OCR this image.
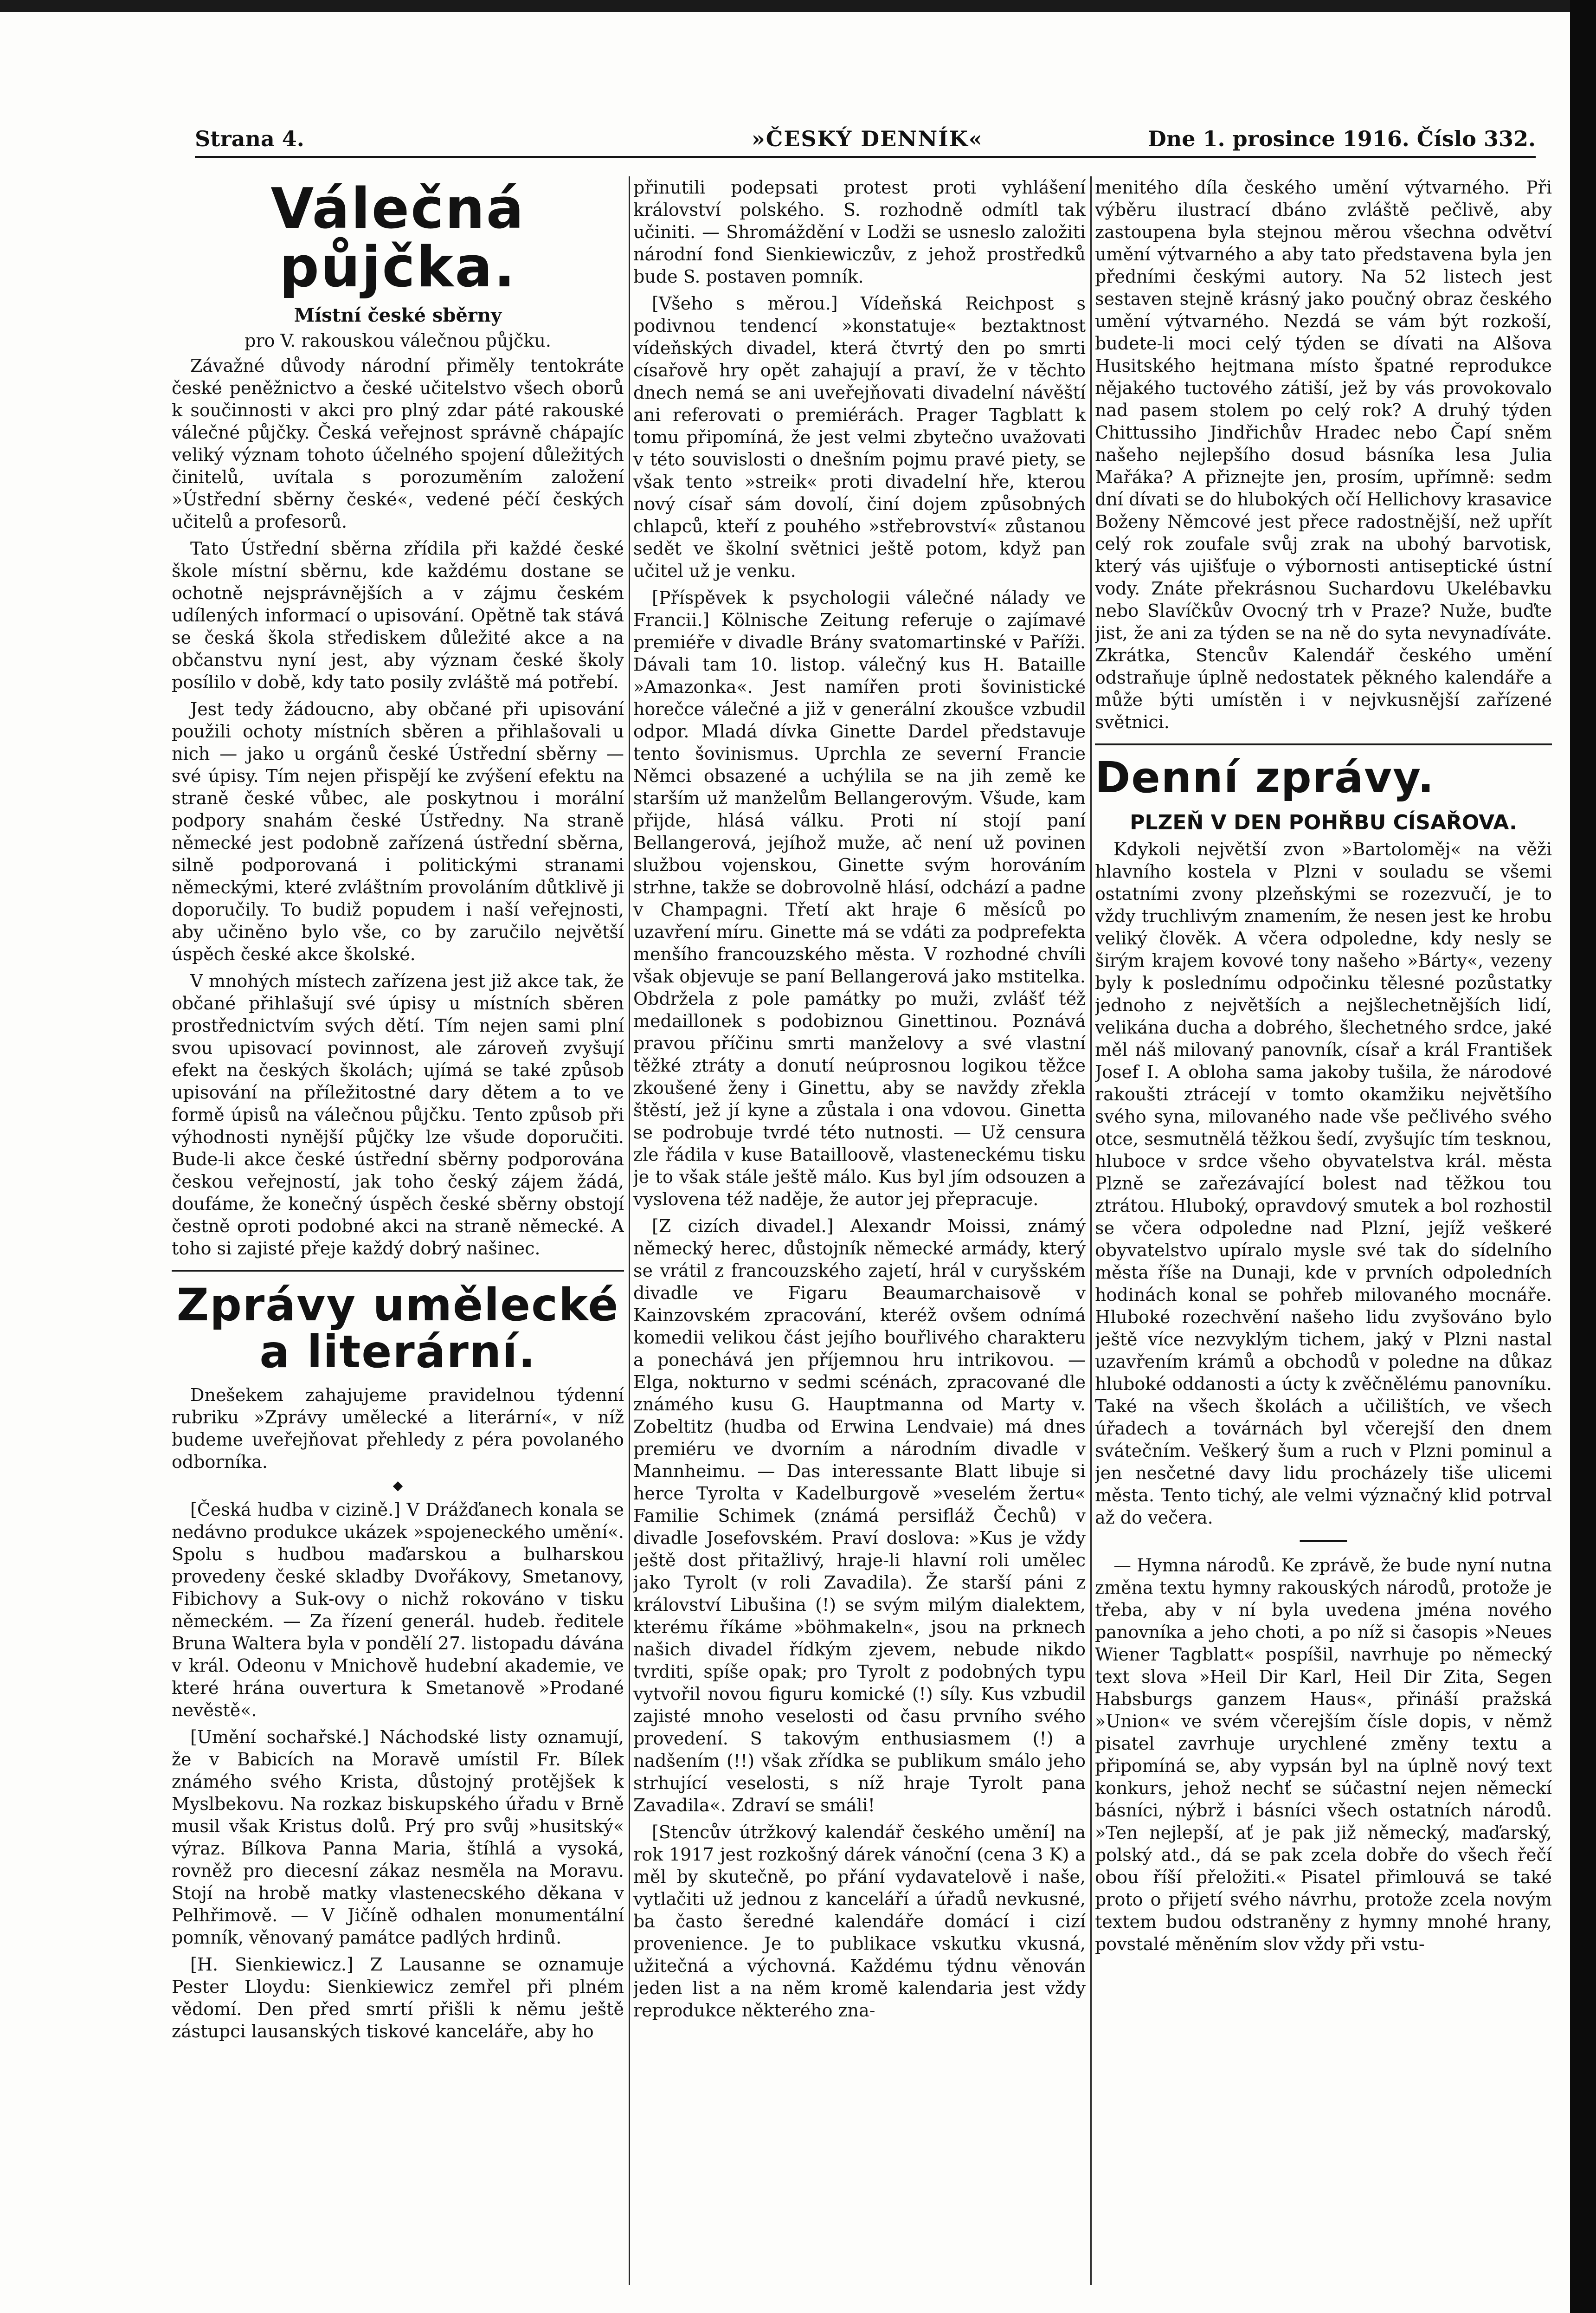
Strana 4.	»ČESKÝ DENNÍK«	Dne 1. prosince 1916. Číslo 332.
Válečná půjčka.
Místní české sběrny
pro V. rakouskou válečnou půjčku.

Závažné důvody národní přiměly tentokráte české peněžnictvo a české učitelstvo všech oborů k součinnosti v akci pro plný zdar páté rakouské válečné půjčky. Česká veřejnost správně chápajíc veliký význam tohoto účelného spojení důležitých činitelů, uvítala s porozuměním založení »Ústřední sběrny české«, vedené péčí českých učitelů a profesorů.

Tato Ústřední sběrna zřídila při každé české škole místní sběrnu, kde každému dostane se ochotně nejsprávnějších a v zájmu českém udílených informací o upisování. Opětně tak stává se česká škola střediskem důležité akce a na občanstvu nyní jest, aby význam české školy posílilo v době, kdy tato posily zvláště má potřebí.

Jest tedy žádoucno, aby občané při upisování použili ochoty místních sběren a přihlašovali u nich — jako u orgánů české Ústřední sběrny — své úpisy. Tím nejen přispějí ke zvýšení efektu na straně české vůbec, ale poskytnou i morální podpory snahám české Ústředny. Na straně německé jest podobně zařízená ústřední sběrna, silně podporovaná i politickými stranami německými, které zvláštním provoláním důtklivě ji doporučily. To budiž popudem i naší veřejnosti, aby učiněno bylo vše, co by zaručilo největší úspěch české akce školské.

V mnohých místech zařízena jest již akce tak, že občané přihlašují své úpisy u místních sběren prostřednictvím svých dětí. Tím nejen sami plní svou upisovací povinnost, ale zároveň zvyšují efekt na českých školách; ujímá se také způsob upisování na příležitostné dary dětem a to ve formě úpisů na válečnou půjčku. Tento způsob při výhodnosti nynější půjčky lze všude doporučiti. Bude-li akce české ústřední sběrny podporována českou veřejností, jak toho český zájem žádá, doufáme, že konečný úspěch české sběrny obstojí čestně oproti podobné akci na straně německé. A toho si zajisté přeje každý dobrý našinec.

Zprávy umělecké
a literární.

Dnešekem zahajujeme pravidelnou týdenní rubriku »Zprávy umělecké a literární«, v níž budeme uveřejňovat přehledy z péra povolaného odborníka.

◆

[Česká hudba v cizině.] V Drážďanech konala se nedávno produkce ukázek »spojeneckého umění«. Spolu s hudbou maďarskou a bulharskou provedeny české skladby Dvořákovy, Smetanovy, Fibichovy a Suk-ovy o nichž rokováno v tisku německém. — Za řízení generál. hudeb. ředitele Bruna Waltera byla v pondělí 27. listopadu dávána v král. Odeonu v Mnichově hudební akademie, ve které hrána ouvertura k Smetanově »Prodané nevěstě«.

[Umění sochařské.] Náchodské listy oznamují, že v Babicích na Moravě umístil Fr. Bílek známého svého Krista, důstojný protějšek k Myslbekovu. Na rozkaz biskupského úřadu v Brně musil však Kristus dolů. Prý pro svůj »husitský« výraz. Bílkova Panna Maria, štíhlá a vysoká, rovněž pro diecesní zákaz nesměla na Moravu. Stojí na hrobě matky vlastenecského děkana v Pelhřimově. — V Jičíně odhalen monumentální pomník, věnovaný památce padlých hrdinů.

[H. Sienkiewicz.] Z Lausanne se oznamuje Pester Lloydu: Sienkiewicz zemřel při plném vědomí. Den před smrtí přišli k němu ještě zástupci lausanských tiskové kanceláře, aby ho

přinutili podepsati protest proti vyhlášení království polského. S. rozhodně odmítl tak učiniti. — Shromáždění v Lodži se usneslo založiti národní fond Sienkiewiczův, z jehož prostředků bude S. postaven pomník.

[Všeho s měrou.] Vídeňská Reichpost s podivnou tendencí »konstatuje« beztaktnost vídeňských divadel, která čtvrtý den po smrti císařově hry opět zahajují a praví, že v těchto dnech nemá se ani uveřejňovati divadelní návěští ani referovati o premiérách. Prager Tagblatt k tomu připomíná, že jest velmi zbytečno uvažovati v této souvislosti o dnešním pojmu pravé piety, se však tento »streik« proti divadelní hře, kterou nový císař sám dovolí, činí dojem způsobných chlapců, kteří z pouhého »střebrovství« zůstanou sedět ve školní světnici ještě potom, když pan učitel už je venku.

[Příspěvek k psychologii válečné nálady ve Francii.] Kölnische Zeitung referuje o zajímavé premiéře v divadle Brány svatomartinské v Paříži. Dávali tam 10. listop. válečný kus H. Bataille »Amazonka«. Jest namířen proti šovinistické horečce válečné a již v generální zkoušce vzbudil odpor. Mladá dívka Ginette Dardel představuje tento šovinismus. Uprchla ze severní Francie Němci obsazené a uchýlila se na jih země ke starším už manželům Bellangerovým. Všude, kam přijde, hlásá válku. Proti ní stojí paní Bellangerová, jejíhož muže, ač není už povinen službou vojenskou, Ginette svým horováním strhne, takže se dobrovolně hlásí, odchází a padne v Champagni. Třetí akt hraje 6 měsíců po uzavření míru. Ginette má se vdáti za podprefekta menšího francouzského města. V rozhodné chvíli však objevuje se paní Bellangerová jako mstitelka. Obdržela z pole památky po muži, zvlášť též medaillonek s podobiznou Ginettinou. Poznává pravou příčinu smrti manželovy a své vlastní těžké ztráty a donutí neúprosnou logikou těžce zkoušené ženy i Ginettu, aby se navždy zřekla štěstí, jež jí kyne a zůstala i ona vdovou. Ginetta se podrobuje tvrdé této nutnosti. — Už censura zle řádila v kuse Batailloově, vlasteneckému tisku je to však stále ještě málo. Kus byl jím odsouzen a vyslovena též naděje, že autor jej přepracuje.

[Z cizích divadel.] Alexandr Moissi, známý německý herec, důstojník německé armády, který se vrátil z francouzského zajetí, hrál v curyšském divadle ve Figaru Beaumarchaisově v Kainzovském zpracování, kteréž ovšem odnímá komedii velikou část jejího bouřlivého charakteru a ponechává jen příjemnou hru intrikovou. — Elga, nokturno v sedmi scénách, zpracované dle známého kusu G. Hauptmanna od Marty v. Zobeltitz (hudba od Erwina Lendvaie) má dnes premiéru ve dvorním a národním divadle v Mannheimu. — Das interessante Blatt libuje si herce Tyrolta v Kadelburgově »veselém žertu« Familie Schimek (známá persifláž Čechů) v divadle Josefovském. Praví doslova: »Kus je vždy ještě dost přitažlivý, hraje-li hlavní roli umělec jako Tyrolt (v roli Zavadila). Že starší páni z království Libušina (!) se svým milým dialektem, kterému říkáme »böhmakeln«, jsou na prknech našich divadel řídkým zjevem, nebude nikdo tvrditi, spíše opak; pro Tyrolt z podobných typu vytvořil novou figuru komické (!) síly. Kus vzbudil zajisté mnoho veselosti od času prvního svého provedení. S takovým enthusiasmem (!) a nadšením (!!) však zřídka se publikum smálo jeho strhující veselosti, s níž hraje Tyrolt pana Zavadila«. Zdraví se smáli!

[Stencův útržkový kalendář českého umění] na rok 1917 jest rozkošný dárek vánoční (cena 3 K) a měl by skutečně, po přání vydavatelově i naše, vytlačiti už jednou z kanceláří a úřadů nevkusné, ba často šeredné kalendáře domácí i cizí provenience. Je to publikace vskutku vkusná, užitečná a výchovná. Každému týdnu věnován jeden list a na něm kromě kalendaria jest vždy reprodukce některého zna-

menitého díla českého umění výtvarného. Při výběru ilustrací dbáno zvláště pečlivě, aby zastoupena byla stejnou měrou všechna odvětví umění výtvarného a aby tato představena byla jen předními českými autory. Na 52 listech jest sestaven stejně krásný jako poučný obraz českého umění výtvarného. Nezdá se vám být rozkoší, budete-li moci celý týden se dívati na Alšova Husitského hejtmana místo špatné reprodukce nějakého tuctového zátiší, jež by vás provokovalo nad pasem stolem po celý rok? A druhý týden Chittussiho Jindřichův Hradec nebo Čapí sněm našeho nejlepšího dosud básníka lesa Julia Mařáka? A přiznejte jen, prosím, upřímně: sedm dní dívati se do hlubokých očí Hellichovy krasavice Boženy Němcové jest přece radostnější, než upřít celý rok zoufale svůj zrak na ubohý barvotisk, který vás ujišťuje o výbornosti antiseptické ústní vody. Znáte překrásnou Suchardovu Ukelébavku nebo Slavíčkův Ovocný trh v Praze? Nuže, buďte jist, že ani za týden se na ně do syta nevynadíváte. Zkrátka, Stencův Kalendář českého umění odstraňuje úplně nedostatek pěkného kalendáře a může býti umístěn i v nejvkusnější zařízené světnici.

Denní zprávy.
PLZEŇ V DEN POHŘBU CÍSAŘOVA.

Kdykoli největší zvon »Bartoloměj« na věži hlavního kostela v Plzni v souladu se všemi ostatními zvony plzeňskými se rozezvučí, je to vždy truchlivým znamením, že nesen jest ke hrobu veliký člověk. A včera odpoledne, kdy nesly se širým krajem kovové tony našeho »Bárty«, vezeny byly k poslednímu odpočinku tělesné pozůstatky jednoho z největších a nejšlechetnějších lidí, velikána ducha a dobrého, šlechetného srdce, jaké měl náš milovaný panovník, císař a král František Josef I. A obloha sama jakoby tušila, že národové rakoušti ztrácejí v tomto okamžiku největšího svého syna, milovaného nade vše pečlivého svého otce, sesmutnělá těžkou šedí, zvyšujíc tím tesknou, hluboce v srdce všeho obyvatelstva král. města Plzně se zařezávající bolest nad těžkou tou ztrátou. Hluboký, opravdový smutek a bol rozhostil se včera odpoledne nad Plzní, jejíž veškeré obyvatelstvo upíralo mysle své tak do sídelního města říše na Dunaji, kde v prvních odpoledních hodinách konal se pohřeb milovaného mocnáře. Hluboké rozechvění našeho lidu zvyšováno bylo ještě více nezvyklým tichem, jaký v Plzni nastal uzavřením krámů a obchodů v poledne na důkaz hluboké oddanosti a úcty k zvěčnělému panovníku. Také na všech školách a učilištích, ve všech úřadech a továrnách byl včerejší den dnem svátečním. Veškerý šum a ruch v Plzni pominul a jen nesčetné davy lidu procházely tiše ulicemi města. Tento tichý, ale velmi význačný klid potrval až do večera.

━━━━━━

— Hymna národů. Ke zprávě, že bude nyní nutna změna textu hymny rakouských národů, protože je třeba, aby v ní byla uvedena jména nového panovníka a jeho choti, a po níž si časopis »Neues Wiener Tagblatt« pospíšil, navrhuje po německý text slova »Heil Dir Karl, Heil Dir Zita, Segen Habsburgs ganzem Haus«, přináší pražská »Union« ve svém včerejším čísle dopis, v němž pisatel zavrhuje urychlené změny textu a připomíná se, aby vypsán byl na úplně nový text konkurs, jehož nechť se súčastní nejen německí básníci, nýbrž i básníci všech ostatních národů. »Ten nejlepší, ať je pak již německý, maďarský, polský atd., dá se pak zcela dobře do všech řečí obou říší přeložiti.« Pisatel přimlouvá se také proto o přijetí svého návrhu, protože zcela novým textem budou odstraněny z hymny mnohé hrany, povstalé měněním slov vždy při vstu-
